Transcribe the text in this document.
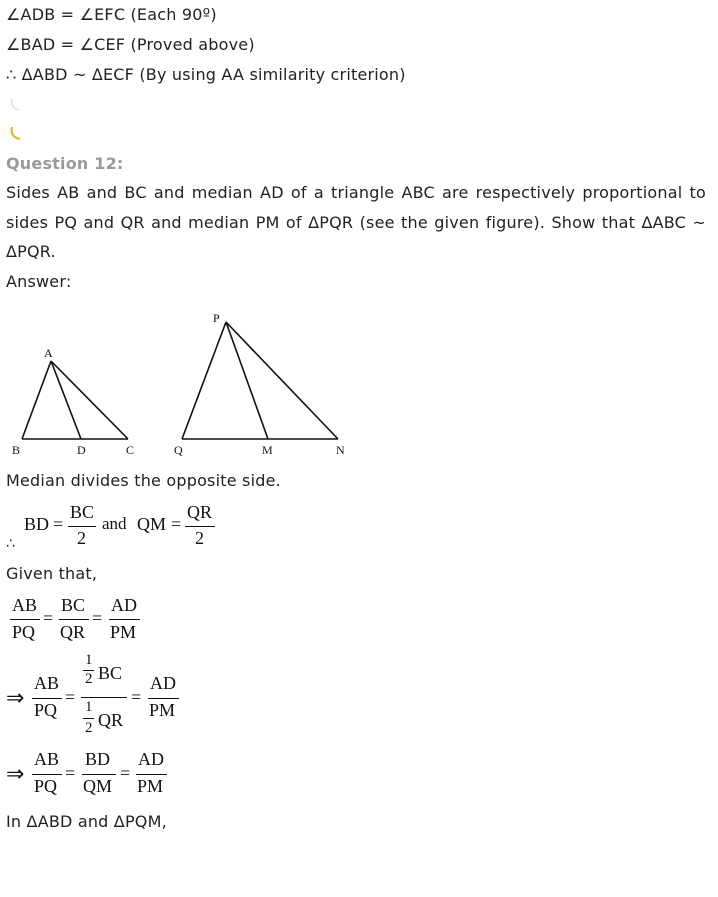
∠ADB = ∠EFC (Each 90º)
∠BAD = ∠CEF (Proved above)
∴ ΔABD ~ ΔECF (By using AA similarity criterion)
Question 12:
Sides AB and BC and median AD of a triangle ABC are respectively proportional to sides PQ and QR and median PM of ΔPQR (see the given figure). Show that ΔABC ~ ΔPQR.
Answer:
A
B	D	C
P
Q	M	N
Median divides the opposite side.
BD =
BC
2
and QM =
QR
2
∴
Given that,
AB
PQ
=
BC
QR
=
AD
PM
⇒
AB
PQ
=
1
2 BC
1
2 QR
=
AD
PM
⇒
AB
PQ
=
BD
QM
=
AD
PM
In ΔABD and ΔPQM,
